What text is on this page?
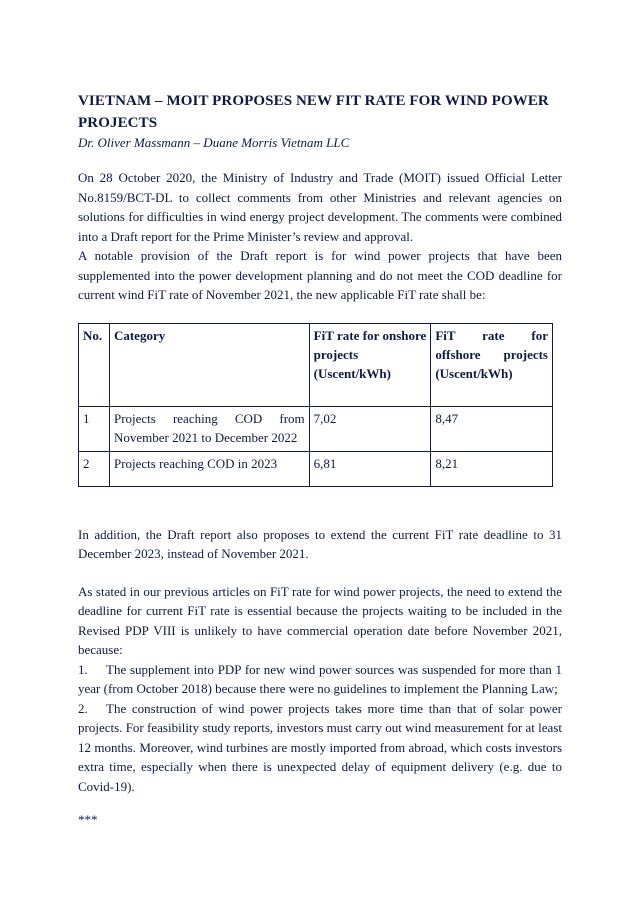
VIETNAM – MOIT PROPOSES NEW FIT RATE FOR WIND POWER PROJECTS
Dr. Oliver Massmann – Duane Morris Vietnam LLC

On 28 October 2020, the Ministry of Industry and Trade (MOIT) issued Official Letter No.8159/BCT-DL to collect comments from other Ministries and relevant agencies on solutions for difficulties in wind energy project development. The comments were combined into a Draft report for the Prime Minister’s review and approval.

A notable provision of the Draft report is for wind power projects that have been supplemented into the power development planning and do not meet the COD deadline for current wind FiT rate of November 2021, the new applicable FiT rate shall be:

No.	Category	FiT rate for onshore projects (Uscent/kWh)	FiT rate for offshore projects (Uscent/kWh)
1	Projects reaching COD from November 2021 to December 2022	7,02	8,47
2	Projects reaching COD in 2023	6,81	8,21

In addition, the Draft report also proposes to extend the current FiT rate deadline to 31 December 2023, instead of November 2021.

As stated in our previous articles on FiT rate for wind power projects, the need to extend the deadline for current FiT rate is essential because the projects waiting to be included in the Revised PDP VIII is unlikely to have commercial operation date before November 2021, because:

1. The supplement into PDP for new wind power sources was suspended for more than 1 year (from October 2018) because there were no guidelines to implement the Planning Law;

2. The construction of wind power projects takes more time than that of solar power projects. For feasibility study reports, investors must carry out wind measurement for at least 12 months. Moreover, wind turbines are mostly imported from abroad, which costs investors extra time, especially when there is unexpected delay of equipment delivery (e.g. due to Covid-19).

***
